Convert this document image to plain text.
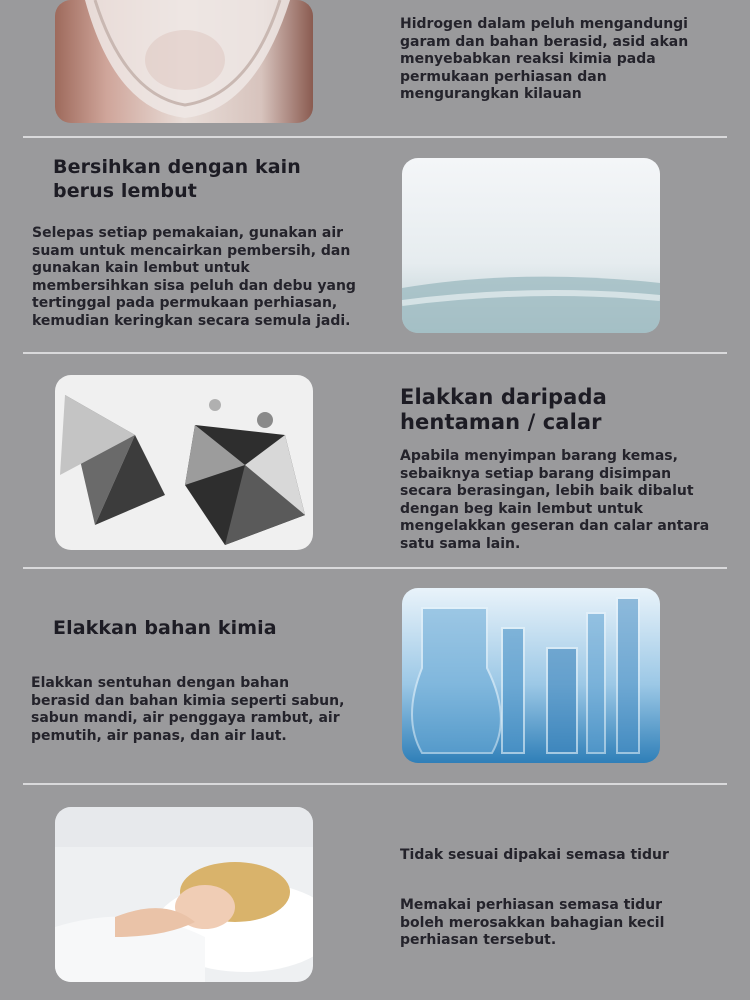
Hidrogen dalam peluh mengandungi
garam dan bahan berasid, asid akan
menyebabkan reaksi kimia pada
permukaan perhiasan dan
mengurangkan kilauan
Bersihkan dengan kain
berus lembut
Selepas setiap pemakaian, gunakan air
suam untuk mencairkan pembersih, dan
gunakan kain lembut untuk
membersihkan sisa peluh dan debu yang
tertinggal pada permukaan perhiasan,
kemudian keringkan secara semula jadi.
Elakkan daripada
hentaman / calar
Apabila menyimpan barang kemas,
sebaiknya setiap barang disimpan
secara berasingan, lebih baik dibalut
dengan beg kain lembut untuk
mengelakkan geseran dan calar antara
satu sama lain.
Elakkan bahan kimia
Elakkan sentuhan dengan bahan
berasid dan bahan kimia seperti sabun,
sabun mandi, air penggaya rambut, air
pemutih, air panas, dan air laut.
Tidak sesuai dipakai semasa tidur
Memakai perhiasan semasa tidur
boleh merosakkan bahagian kecil
perhiasan tersebut.
